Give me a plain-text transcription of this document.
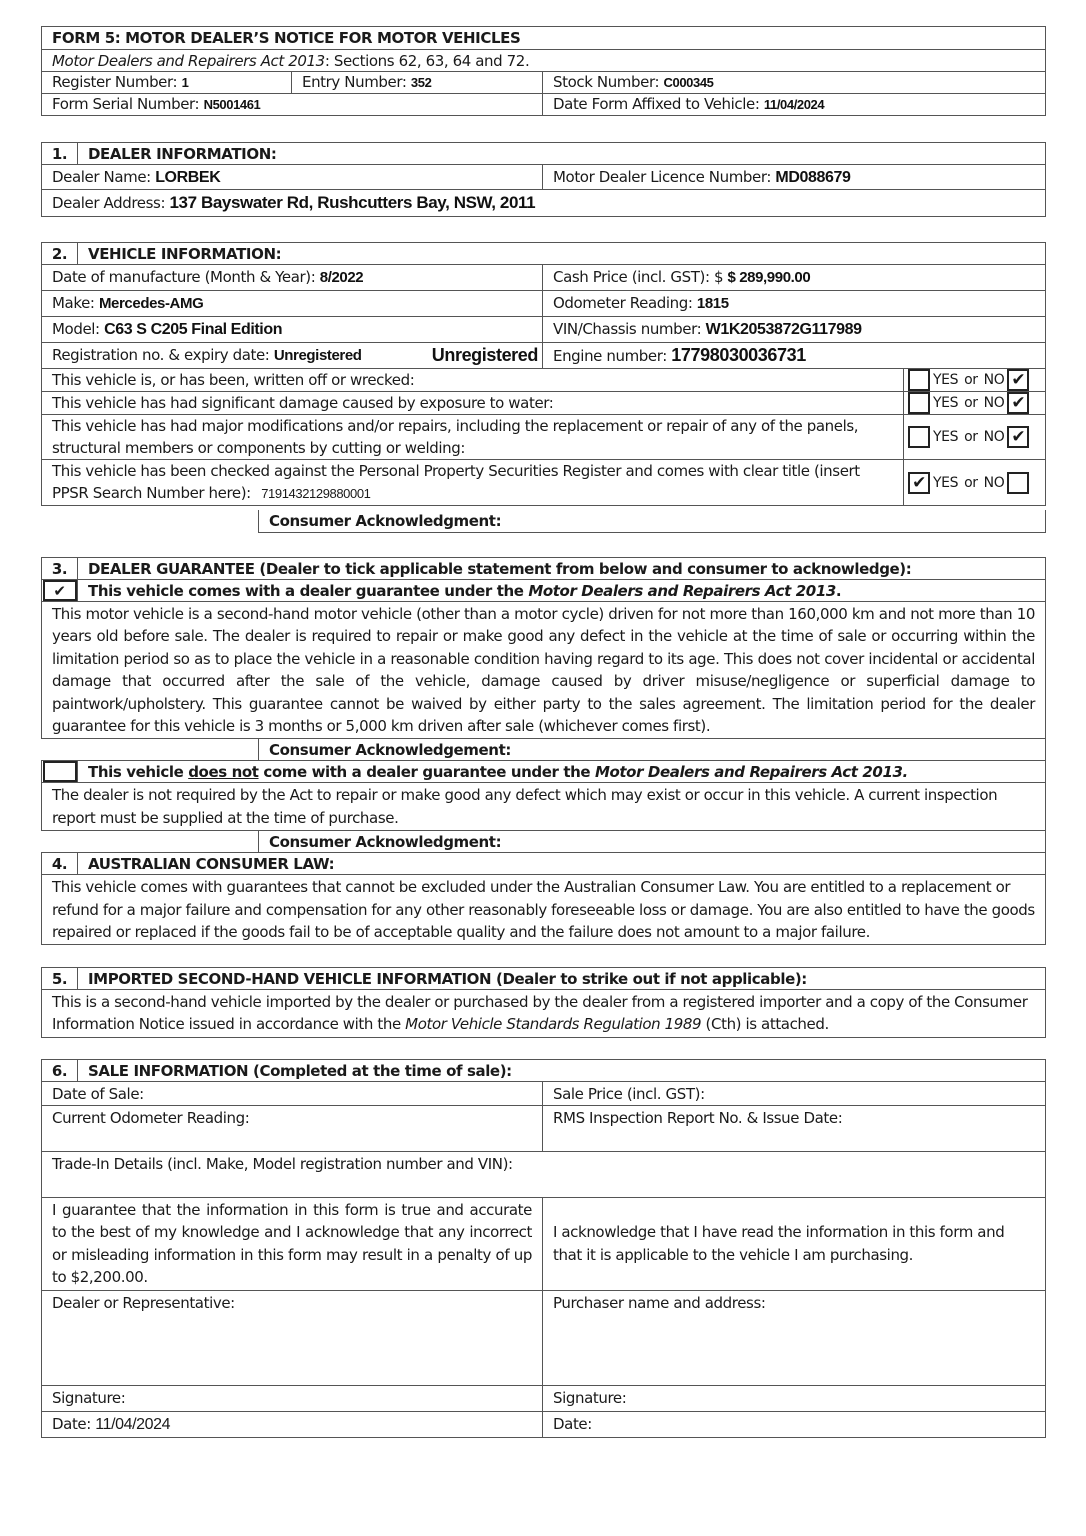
FORM 5: MOTOR DEALER’S NOTICE FOR MOTOR VEHICLES		
Motor Dealers and Repairers Act 2013: Sections 62, 63, 64 and 72.		
Register Number: 1	Entry Number: 352	Stock Number: C000345
Form Serial Number: N5001461		Date Form Affixed to Vehicle: 11/04/2024
1.	DEALER INFORMATION:	
Dealer Name: LORBEK		Motor Dealer Licence Number: MD088679
Dealer Address: 137 Bayswater Rd, Rushcutters Bay, NSW, 2011		
2.	VEHICLE INFORMATION:		
Date of manufacture (Month & Year): 8/2022		Cash Price (incl. GST): $ $ 289,990.00	
Make: Mercedes-AMG		Odometer Reading: 1815	
Model: C63 S C205 Final Edition		VIN/Chassis number: W1K2053872G117989	
Registration no. & expiry date: Unregistered Unregistered		Engine number: 17798030036731	
This vehicle is, or has been, written off or wrecked:			YES or NO ✔

This vehicle has had significant damage caused by exposure to water:			YES or NO ✔

This vehicle has had major modifications and/or repairs, including the replacement or repair of any of the panels, structural members or components by cutting or welding:			YES or NO ✔

This vehicle has been checked against the Personal Property Securities Register and comes with clear title (insert PPSR Search Number here): 7191432129880001			✔ YES or NO
Consumer Acknowledgment:
3.	DEALER GUARANTEE (Dealer to tick applicable statement from below and consumer to acknowledge):	
✔	This vehicle comes with a dealer guarantee under the Motor Dealers and Repairers Act 2013.	
This motor vehicle is a second-hand motor vehicle (other than a motor cycle) driven for not more than 160,000 km and not more than 10 years old before sale. The dealer is required to repair or make good any defect in the vehicle at the time of sale or occurring within the limitation period so as to place the vehicle in a reasonable condition having regard to its age. This does not cover incidental or accidental damage that occurred after the sale of the vehicle, damage caused by driver misuse/negligence or superficial damage to paintwork/upholstery. This guarantee cannot be waived by either party to the sales agreement. The limitation period for the dealer guarantee for this vehicle is 3 months or 5,000 km driven after sale (whichever comes first).		
		Consumer Acknowledgement:
	This vehicle does not come with a dealer guarantee under the Motor Dealers and Repairers Act 2013.	
The dealer is not required by the Act to repair or make good any defect which may exist or occur in this vehicle. A current inspection report must be supplied at the time of purchase.		
		Consumer Acknowledgment:
4.	AUSTRALIAN CONSUMER LAW:	
This vehicle comes with guarantees that cannot be excluded under the Australian Consumer Law. You are entitled to a replacement or refund for a major failure and compensation for any other reasonably foreseeable loss or damage. You are also entitled to have the goods repaired or replaced if the goods fail to be of acceptable quality and the failure does not amount to a major failure.		
5.	IMPORTED SECOND-HAND VEHICLE INFORMATION (Dealer to strike out if not applicable):
This is a second-hand vehicle imported by the dealer or purchased by the dealer from a registered importer and a copy of the Consumer Information Notice issued in accordance with the Motor Vehicle Standards Regulation 1989 (Cth) is attached.
6.	SALE INFORMATION (Completed at the time of sale):	
Date of Sale:		Sale Price (incl. GST):
Current Odometer Reading:		RMS Inspection Report No. & Issue Date:
Trade-In Details (incl. Make, Model registration number and VIN):		
I guarantee that the information in this form is true and accurate to the best of my knowledge and I acknowledge that any incorrect or misleading information in this form may result in a penalty of up to $2,200.00.		I acknowledge that I have read the information in this form and that it is applicable to the vehicle I am purchasing.
Dealer or Representative:		Purchaser name and address:
Signature:		Signature:
Date: 11/04/2024		Date:
